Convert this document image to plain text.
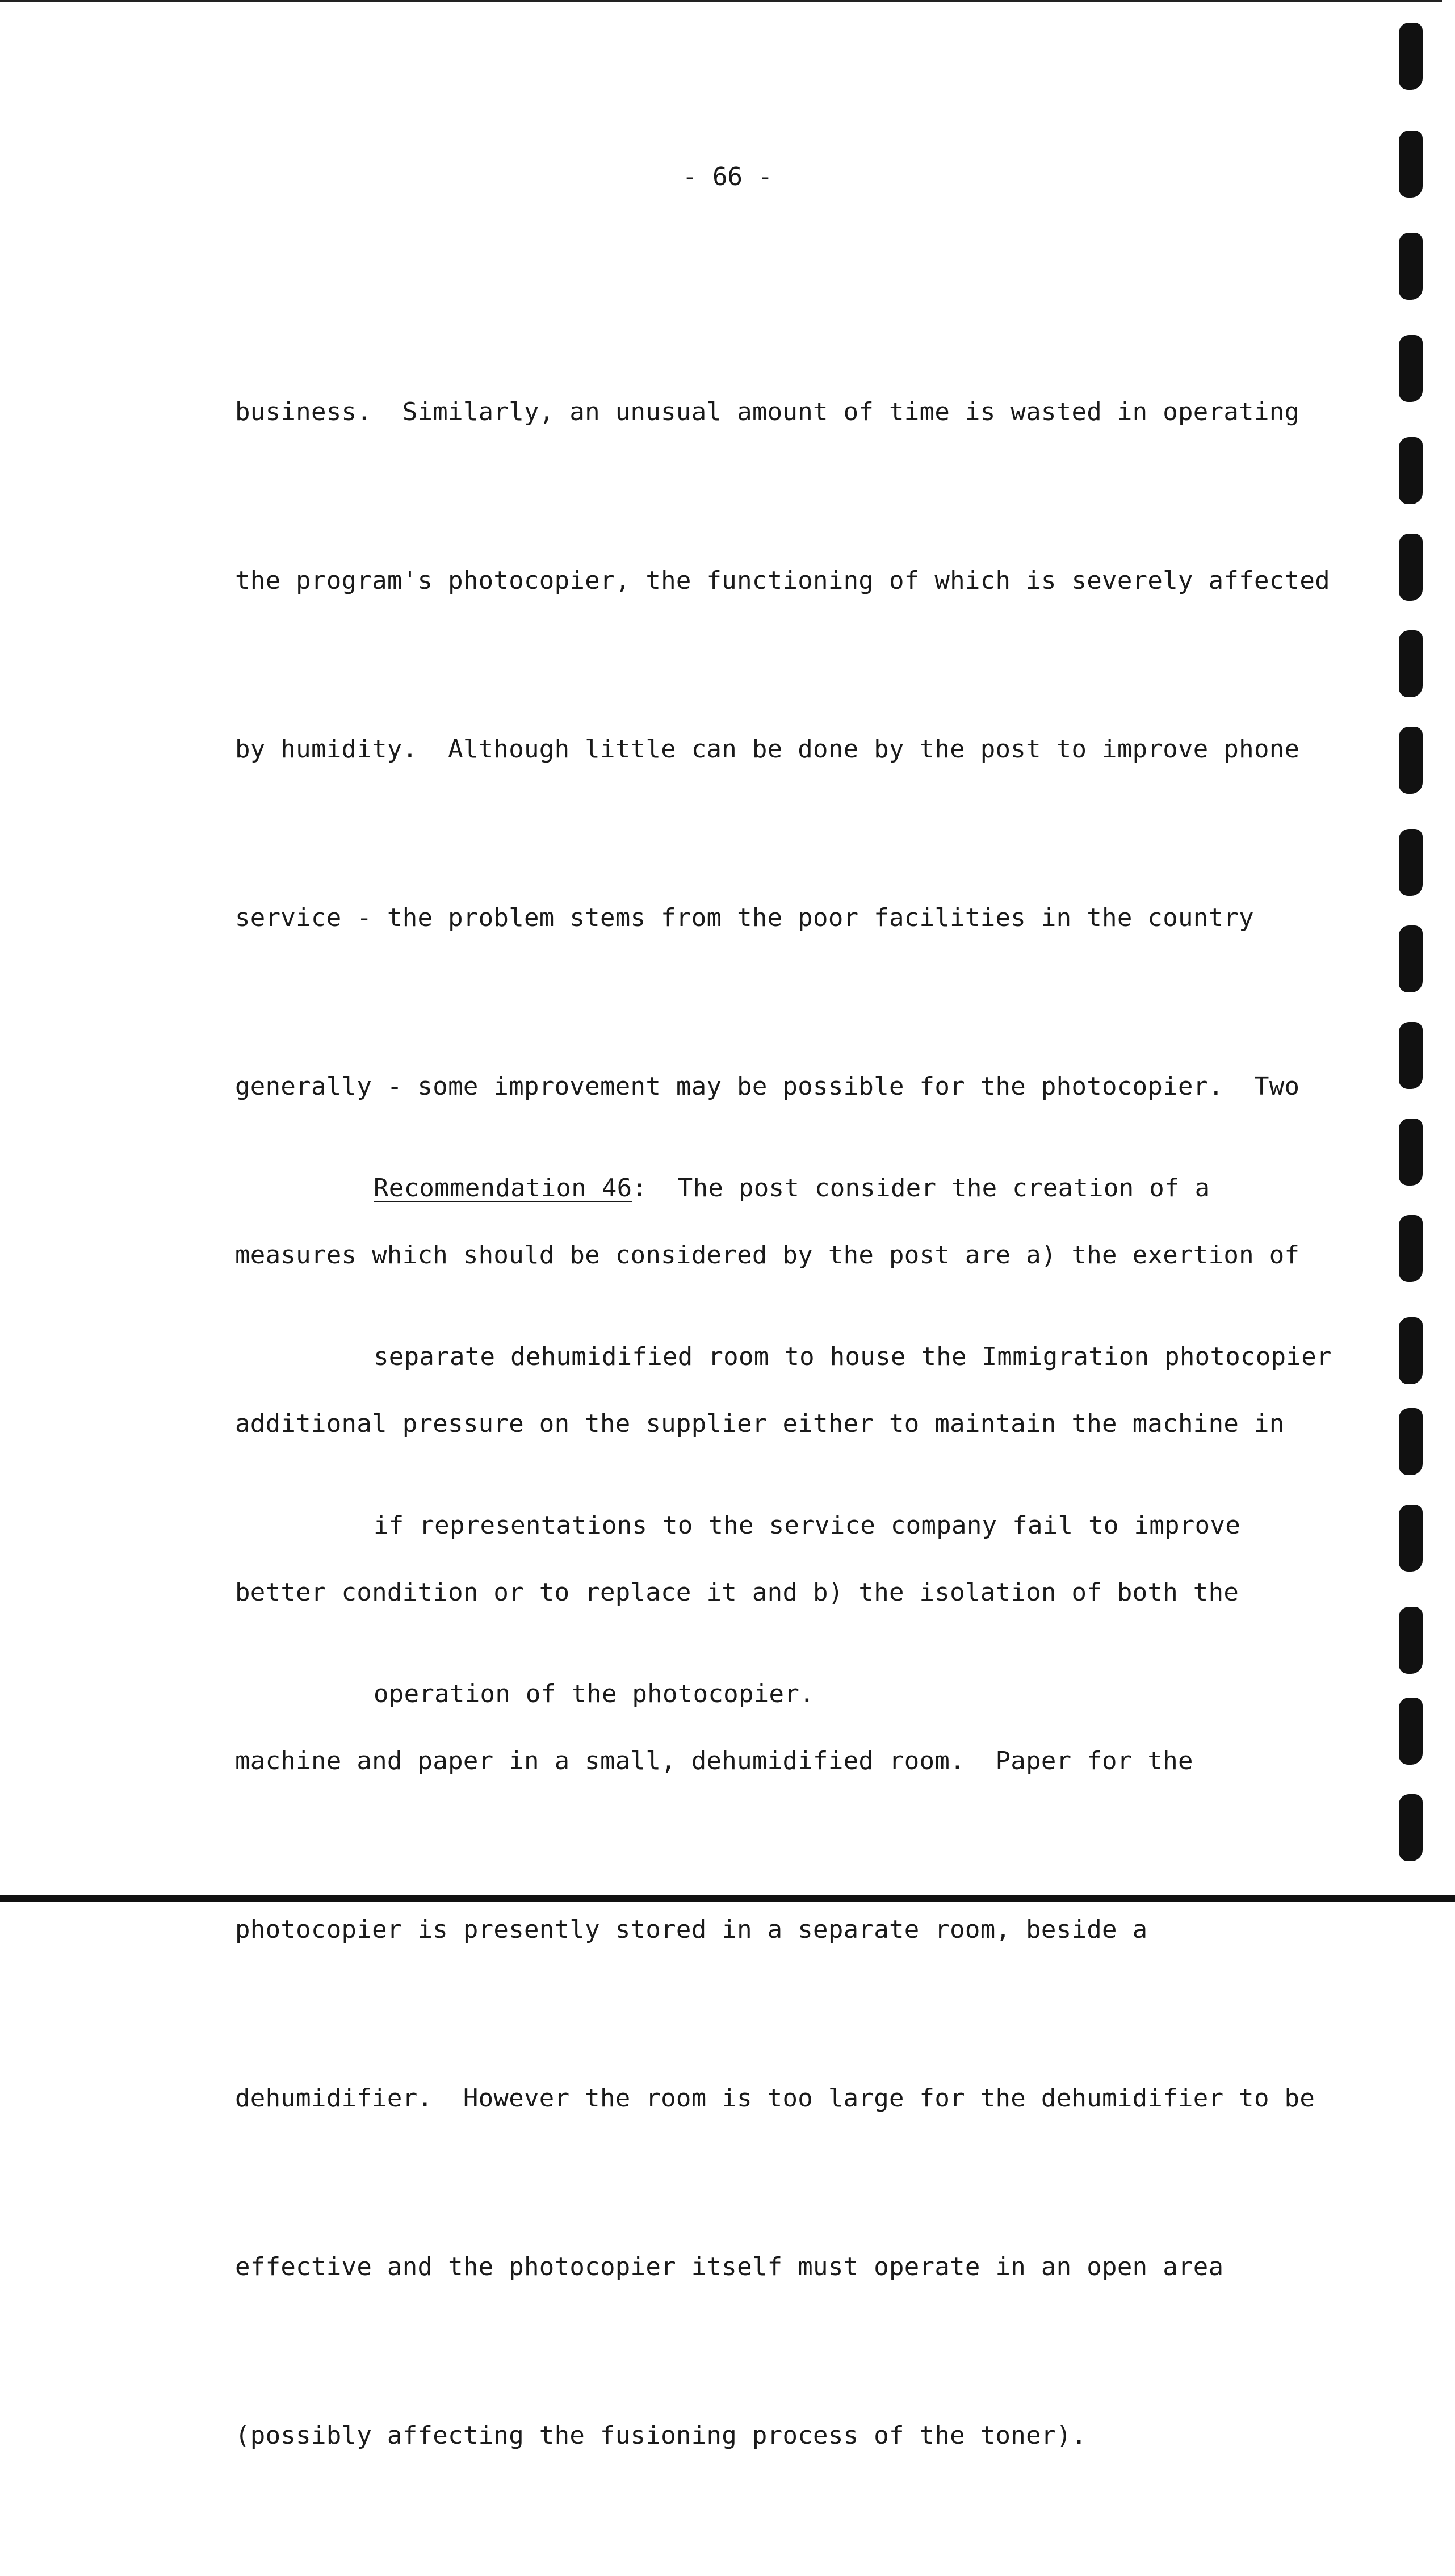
- 66 -

business.  Similarly, an unusual amount of time is wasted in operating

the program's photocopier, the functioning of which is severely affected

by humidity.  Although little can be done by the post to improve phone

service - the problem stems from the poor facilities in the country

generally - some improvement may be possible for the photocopier.  Two

measures which should be considered by the post are a) the exertion of

additional pressure on the supplier either to maintain the machine in

better condition or to replace it and b) the isolation of both the

machine and paper in a small, dehumidified room.  Paper for the

photocopier is presently stored in a separate room, beside a

dehumidifier.  However the room is too large for the dehumidifier to be

effective and the photocopier itself must operate in an open area

(possibly affecting the fusioning process of the toner).

Recommendation 46:  The post consider the creation of a

separate dehumidified room to house the Immigration photocopier

if representations to the service company fail to improve

operation of the photocopier.
